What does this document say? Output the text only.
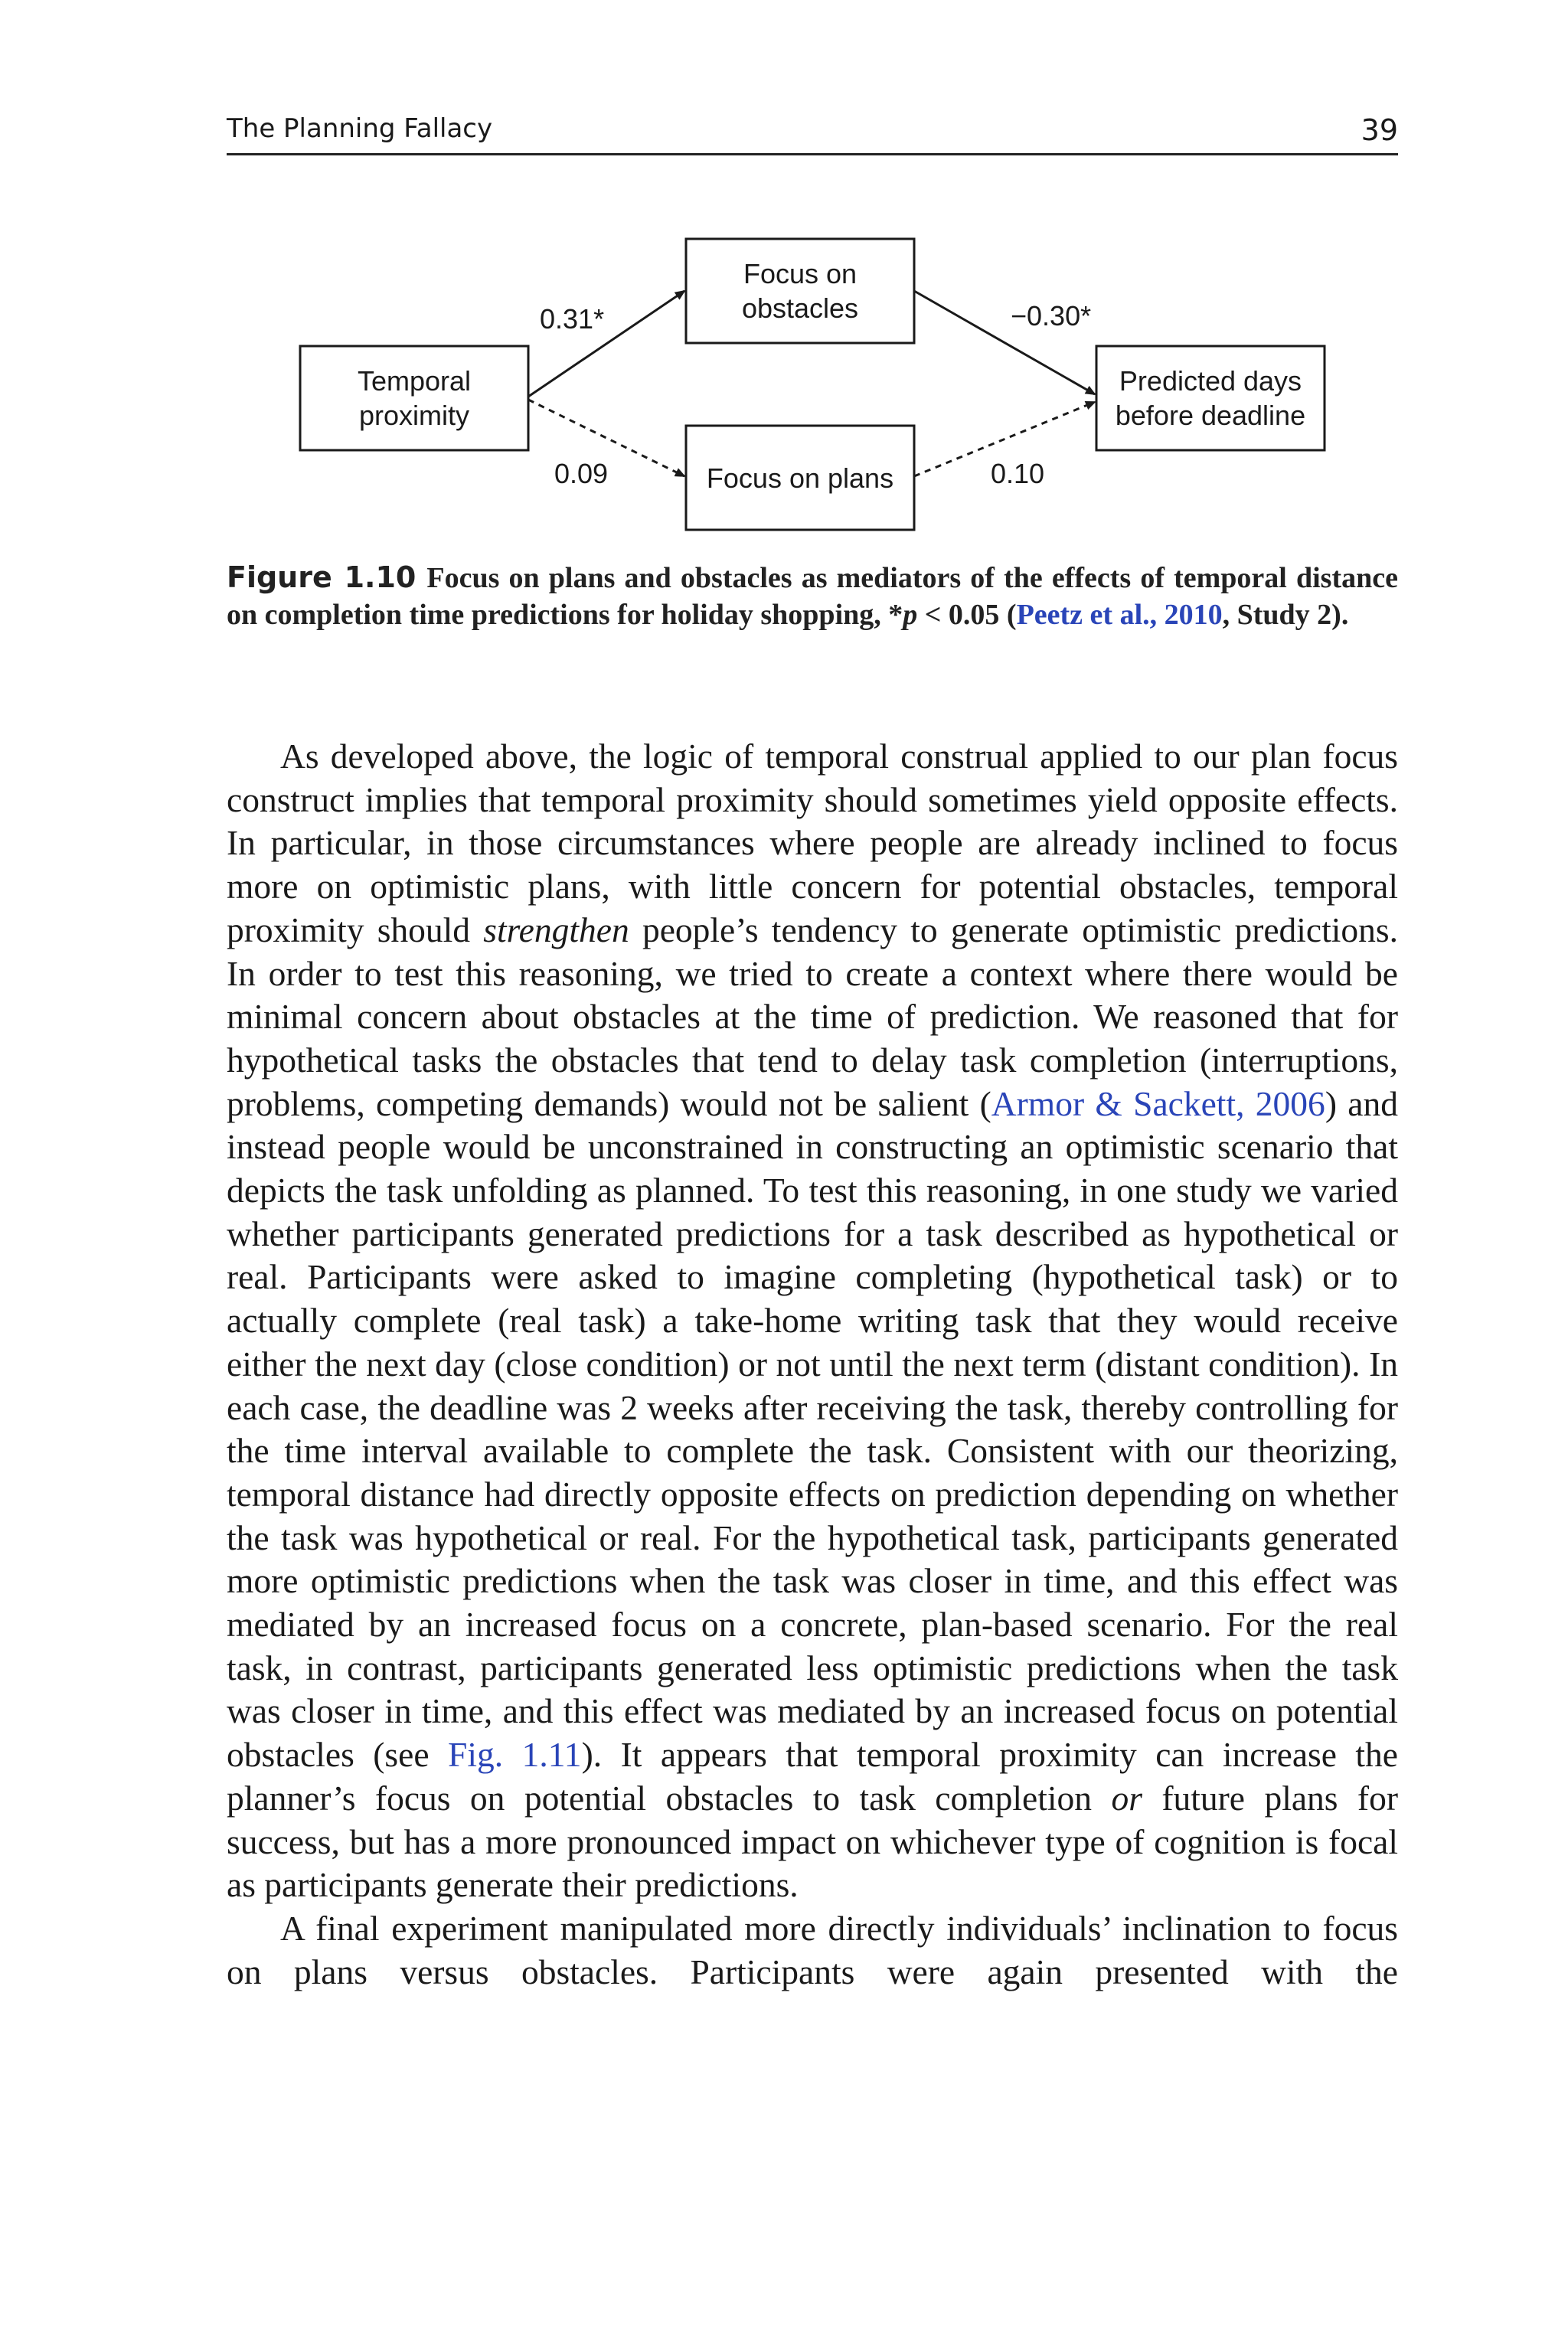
The Planning Fallacy	39
Temporal proximity
Focus on obstacles
Focus on plans
Predicted days before deadline
0.31*	−0.30*
0.09	0.10
Figure 1.10 Focus on plans and obstacles as mediators of the effects of temporal distance on completion time predictions for holiday shopping, *p < 0.05 (Peetz et al., 2010, Study 2).

As developed above, the logic of temporal construal applied to our plan focus construct implies that temporal proximity should sometimes yield opposite effects. In particular, in those circumstances where people are already inclined to focus more on optimistic plans, with little concern for potential obstacles, temporal proximity should strengthen people’s tendency to generate optimistic predictions. In order to test this reasoning, we tried to create a context where there would be minimal concern about obstacles at the time of prediction. We reasoned that for hypothetical tasks the obstacles that tend to delay task completion (interruptions, problems, competing demands) would not be salient (Armor & Sackett, 2006) and instead people would be unconstrained in constructing an optimistic scenario that depicts the task unfolding as planned. To test this reasoning, in one study we varied whether participants generated predictions for a task described as hypothetical or real. Participants were asked to imagine completing (hypothetical task) or to actually complete (real task) a take-home writing task that they would receive either the next day (close condition) or not until the next term (distant condition). In each case, the deadline was 2 weeks after receiving the task, thereby controlling for the time interval available to complete the task. Consistent with our theorizing, temporal distance had directly opposite effects on prediction depending on whether the task was hypothetical or real. For the hypothetical task, participants generated more optimistic predictions when the task was closer in time, and this effect was mediated by an increased focus on a concrete, plan-based scenario. For the real task, in contrast, participants generated less optimistic predictions when the task was closer in time, and this effect was mediated by an increased focus on potential obstacles (see Fig. 1.11). It appears that temporal proximity can increase the planner’s focus on potential obstacles to task completion or future plans for success, but has a more pronounced impact on whichever type of cognition is focal as participants generate their predictions.

A final experiment manipulated more directly individuals’ inclination to focus on plans versus obstacles. Participants were again presented with the
